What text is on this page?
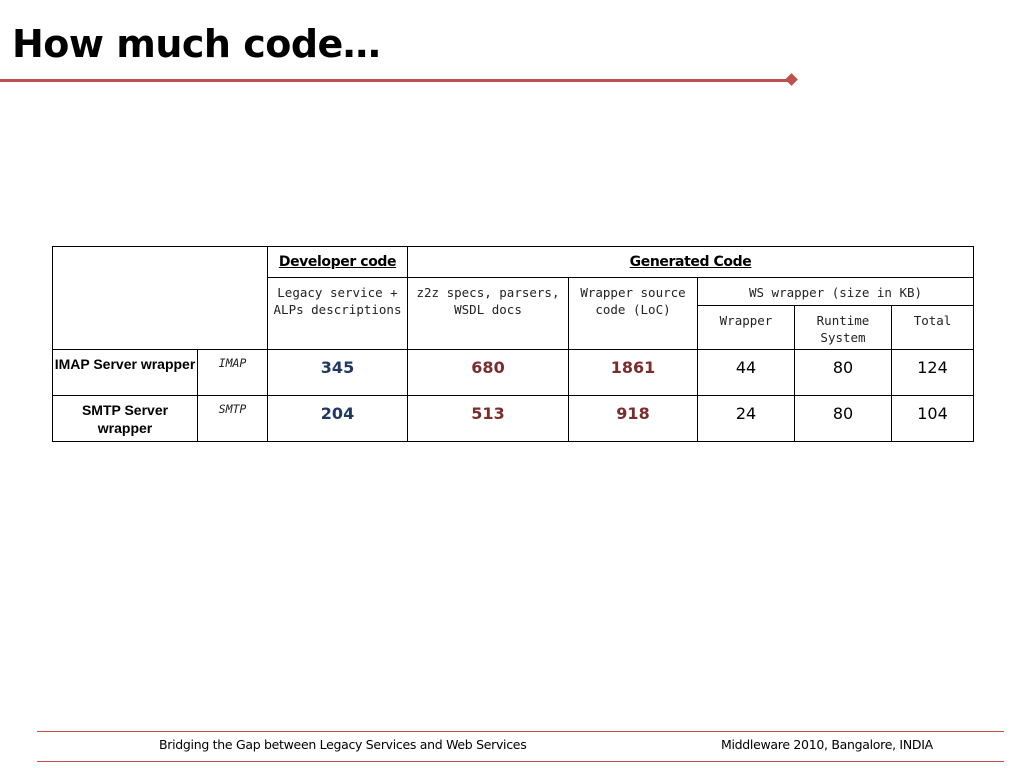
How much code…
		Developer code	Generated Code				
		Legacy service + ALPs descriptions	z2z specs, parsers, WSDL docs	Wrapper source code (LoC)	WS wrapper (size in KB)		
					Wrapper	Runtime System	Total
IMAP Server wrapper	IMAP	345	680	1861	44	80	124
SMTP Server wrapper	SMTP	204	513	918	24	80	104
Bridging the Gap between Legacy Services and Web Services	Middleware 2010, Bangalore, INDIA
